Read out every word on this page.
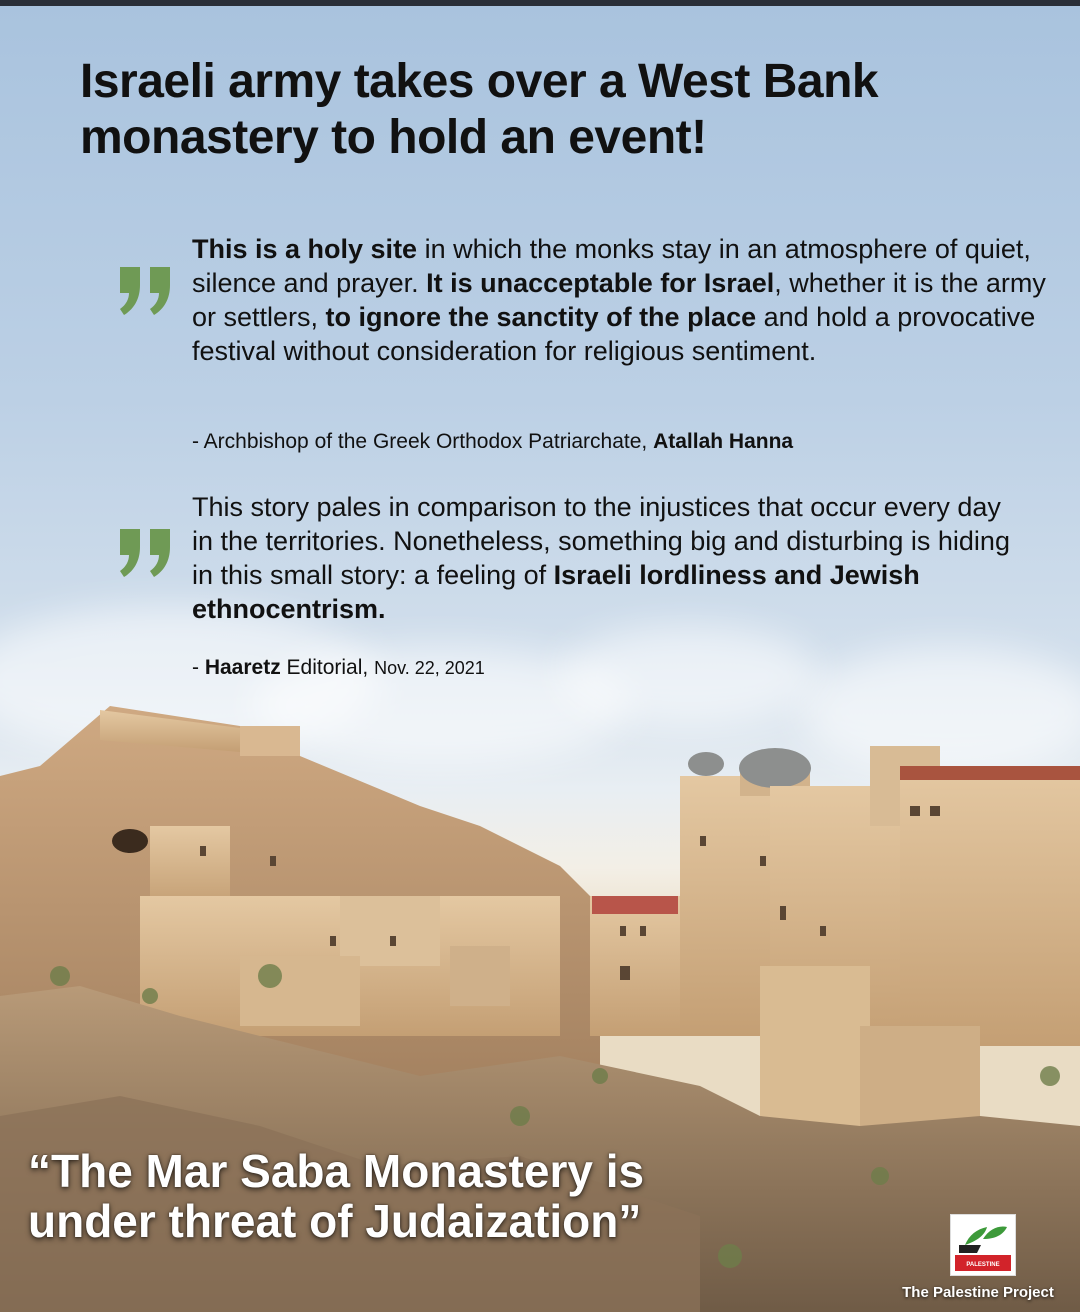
Israeli army takes over a West Bank
monastery to hold an event!

This is a holy site in which the monks stay in an atmosphere of quiet, silence and prayer. It is unacceptable for Israel, whether it is the army or settlers, to ignore the sanctity of the place and hold a provocative festival without consideration for religious sentiment.

- Archbishop of the Greek Orthodox Patriarchate, Atallah Hanna

This story pales in comparison to the injustices that occur every day in the territories. Nonetheless, something big and disturbing is hiding in this small story: a feeling of Israeli lordliness and Jewish ethnocentrism.

- Haaretz Editorial, Nov. 22, 2021

“The Mar Saba Monastery is
under threat of Judaization”

PALESTINE
The Palestine Project
